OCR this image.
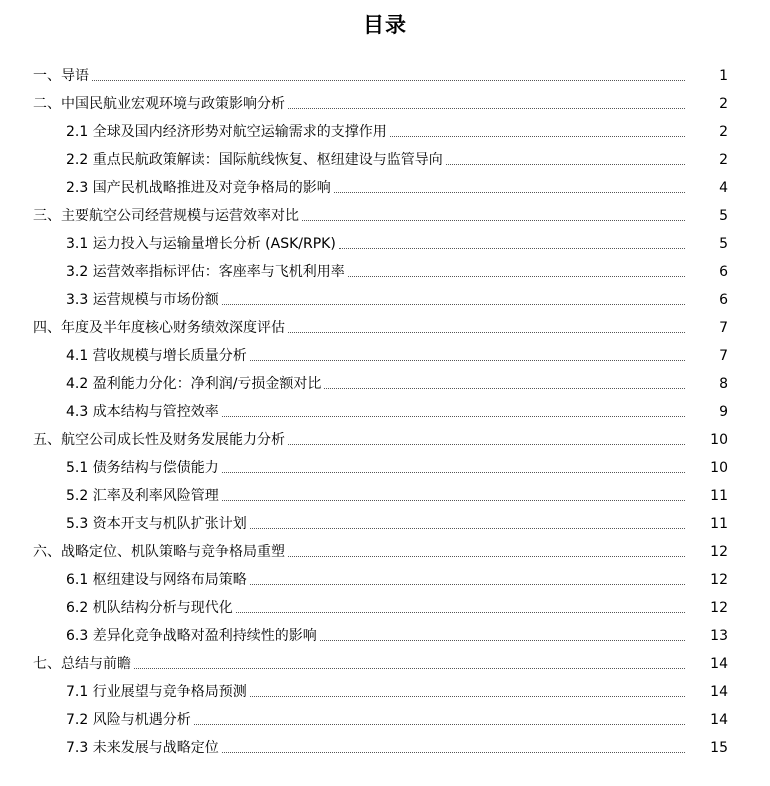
目录
一、导语	1
二、中国民航业宏观环境与政策影响分析	2
2.1 全球及国内经济形势对航空运输需求的支撑作用	2
2.2 重点民航政策解读：国际航线恢复、枢纽建设与监管导向	2
2.3 国产民机战略推进及对竞争格局的影响	4
三、主要航空公司经营规模与运营效率对比	5
3.1 运力投入与运输量增长分析 (ASK/RPK)	5
3.2 运营效率指标评估：客座率与飞机利用率	6
3.3 运营规模与市场份额	6
四、年度及半年度核心财务绩效深度评估	7
4.1 营收规模与增长质量分析	7
4.2 盈利能力分化：净利润/亏损金额对比	8
4.3 成本结构与管控效率	9
五、航空公司成长性及财务发展能力分析	10
5.1 债务结构与偿债能力	10
5.2 汇率及利率风险管理	11
5.3 资本开支与机队扩张计划	11
六、战略定位、机队策略与竞争格局重塑	12
6.1 枢纽建设与网络布局策略	12
6.2 机队结构分析与现代化	12
6.3 差异化竞争战略对盈利持续性的影响	13
七、总结与前瞻	14
7.1 行业展望与竞争格局预测	14
7.2 风险与机遇分析	14
7.3 未来发展与战略定位	15
